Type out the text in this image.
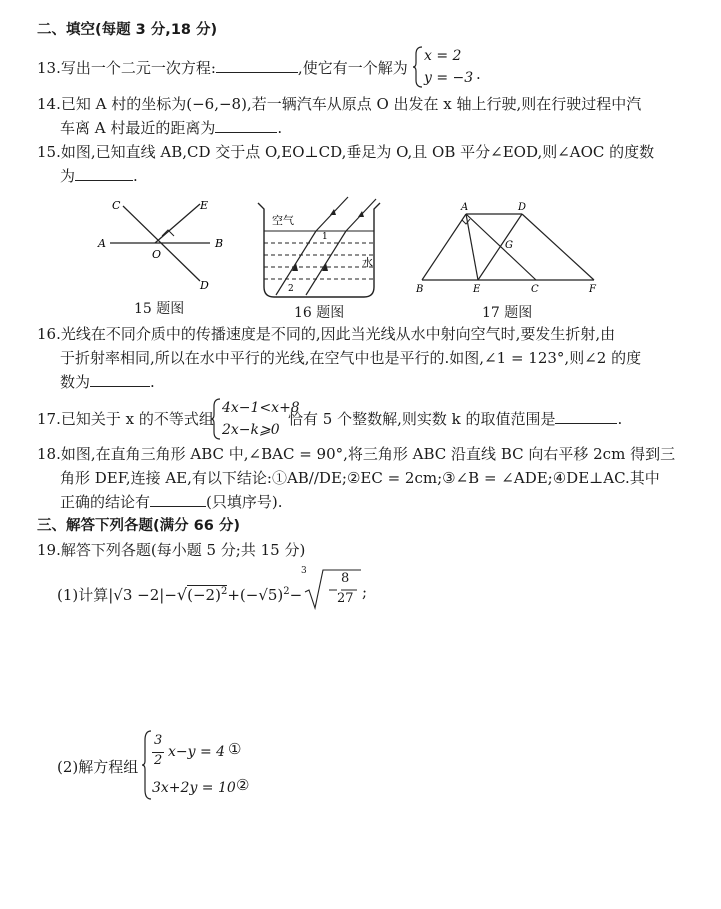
二、填空(每题 3 分,18 分)
13.写出一个二元一次方程:	,使它有一个解为
x = 2
y = −3 .
14.已知 A 村的坐标为(−6,−8),若一辆汽车从原点 O 出发在 x 轴上行驶,则在行驶过程中汽
车离 A 村最近的距离为	.
15.如图,已知直线 AB,CD 交于点 O,EO⊥CD,垂足为 O,且 OB 平分∠EOD,则∠AOC 的度数
为	.
C	E
A
O
B
D
15 题图
空气
水
1
2
16 题图
A	D
G
B	E	C	F
17 题图
16.光线在不同介质中的传播速度是不同的,因此当光线从水中射向空气时,要发生折射,由
于折射率相同,所以在水中平行的光线,在空气中也是平行的.如图,∠1 = 123°,则∠2 的度
数为	.
17.已知关于 x 的不等式组
4x−1<x+8
2x−k⩾0
恰有 5 个整数解,则实数 k 的取值范围是	.
18.如图,在直角三角形 ABC 中,∠BAC = 90°,将三角形 ABC 沿直线 BC 向右平移 2cm 得到三
角形 DEF,连接 AE,有以下结论:①AB//DE;②EC = 2cm;③∠B = ∠ADE;④DE⊥AC.其中
正确的结论有	(只填序号).
三、解答下列各题(满分 66 分)
19.解答下列各题(每小题 5 分;共 15 分)
(1)计算$|√3 -2|-√(-2)^2+(-√5)^2-$
3	8
27 ;
(2)解方程组
3
2
x−y = 4 ①
3x+2y = 10 ②
